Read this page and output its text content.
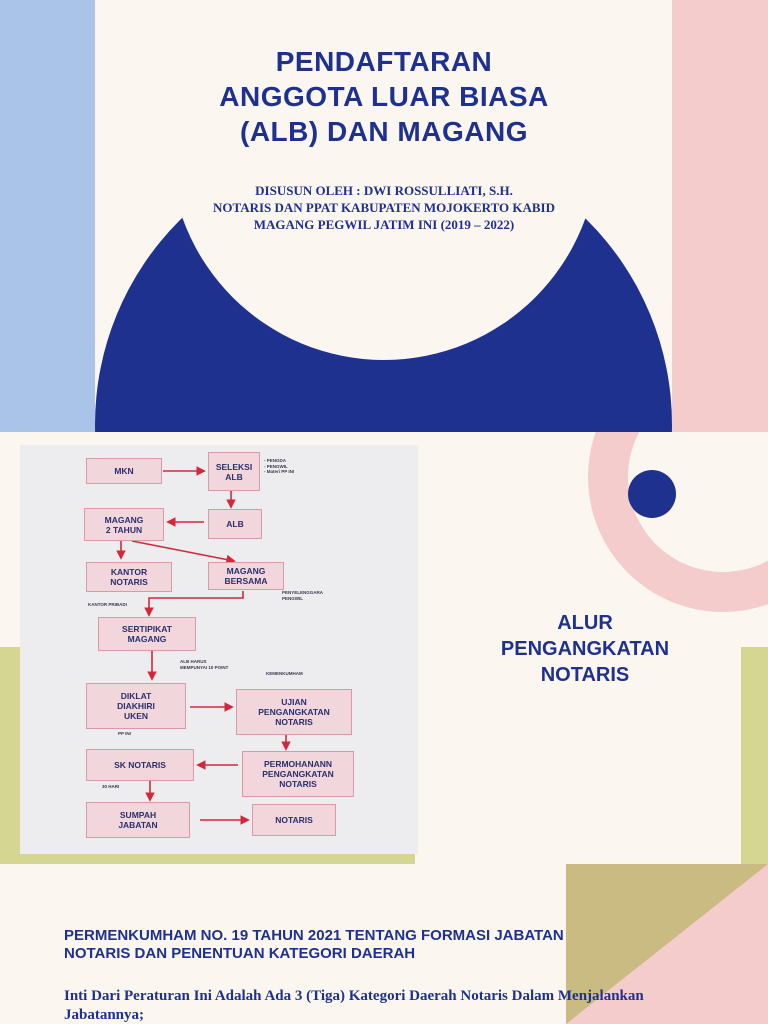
PENDAFTARAN
ANGGOTA LUAR BIASA
(ALB) DAN MAGANG
DISUSUN OLEH : DWI ROSSULLIATI, S.H.
NOTARIS DAN PPAT KABUPATEN MOJOKERTO KABID
MAGANG PEGWIL JATIM INI (2019 – 2022)
ALUR
PENGANGKATAN
NOTARIS
MKN	SELEKSI
ALB
ALB
MAGANG
2 TAHUN
KANTOR
NOTARIS
MAGANG
BERSAMA
SERTIPIKAT
MAGANG
DIKLAT
DIAKHIRI
UKEN
UJIAN
PENGANGKATAN
NOTARIS
PERMOHANANN
PENGANGKATAN
NOTARIS
SK NOTARIS
SUMPAH
JABATAN	NOTARIS
- PENGDA
- PENGWIL
- Materi PP INI
KANTOR PRIBADI
PENYELENGGARA
PENGWIL
ALB HARUS
MEMPUNYAI 10 POINT
KEMENKUMHAM
PP INI
30 HARI
PERMENKUMHAM NO. 19 TAHUN 2021 TENTANG FORMASI JABATAN
NOTARIS DAN PENENTUAN KATEGORI DAERAH
Inti Dari Peraturan Ini Adalah Ada 3 (Tiga) Kategori Daerah Notaris Dalam Menjalankan
Jabatannya;
